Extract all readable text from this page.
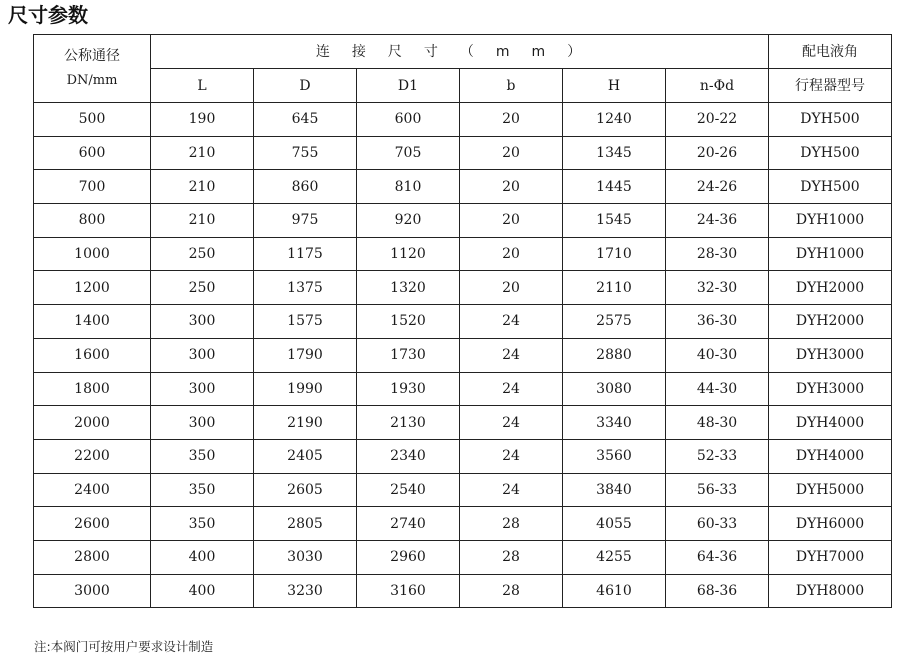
尺寸参数
公称通径
DN/mm	连接尺寸（mm）						配电液角
	L	D	D1	b	H	n-Φd	行程器型号
500	190	645	600	20	1240	20-22	DYH500
600	210	755	705	20	1345	20-26	DYH500
700	210	860	810	20	1445	24-26	DYH500
800	210	975	920	20	1545	24-36	DYH1000
1000	250	1175	1120	20	1710	28-30	DYH1000
1200	250	1375	1320	20	2110	32-30	DYH2000
1400	300	1575	1520	24	2575	36-30	DYH2000
1600	300	1790	1730	24	2880	40-30	DYH3000
1800	300	1990	1930	24	3080	44-30	DYH3000
2000	300	2190	2130	24	3340	48-30	DYH4000
2200	350	2405	2340	24	3560	52-33	DYH4000
2400	350	2605	2540	24	3840	56-33	DYH5000
2600	350	2805	2740	28	4055	60-33	DYH6000
2800	400	3030	2960	28	4255	64-36	DYH7000
3000	400	3230	3160	28	4610	68-36	DYH8000
注:本阀门可按用户要求设计制造
